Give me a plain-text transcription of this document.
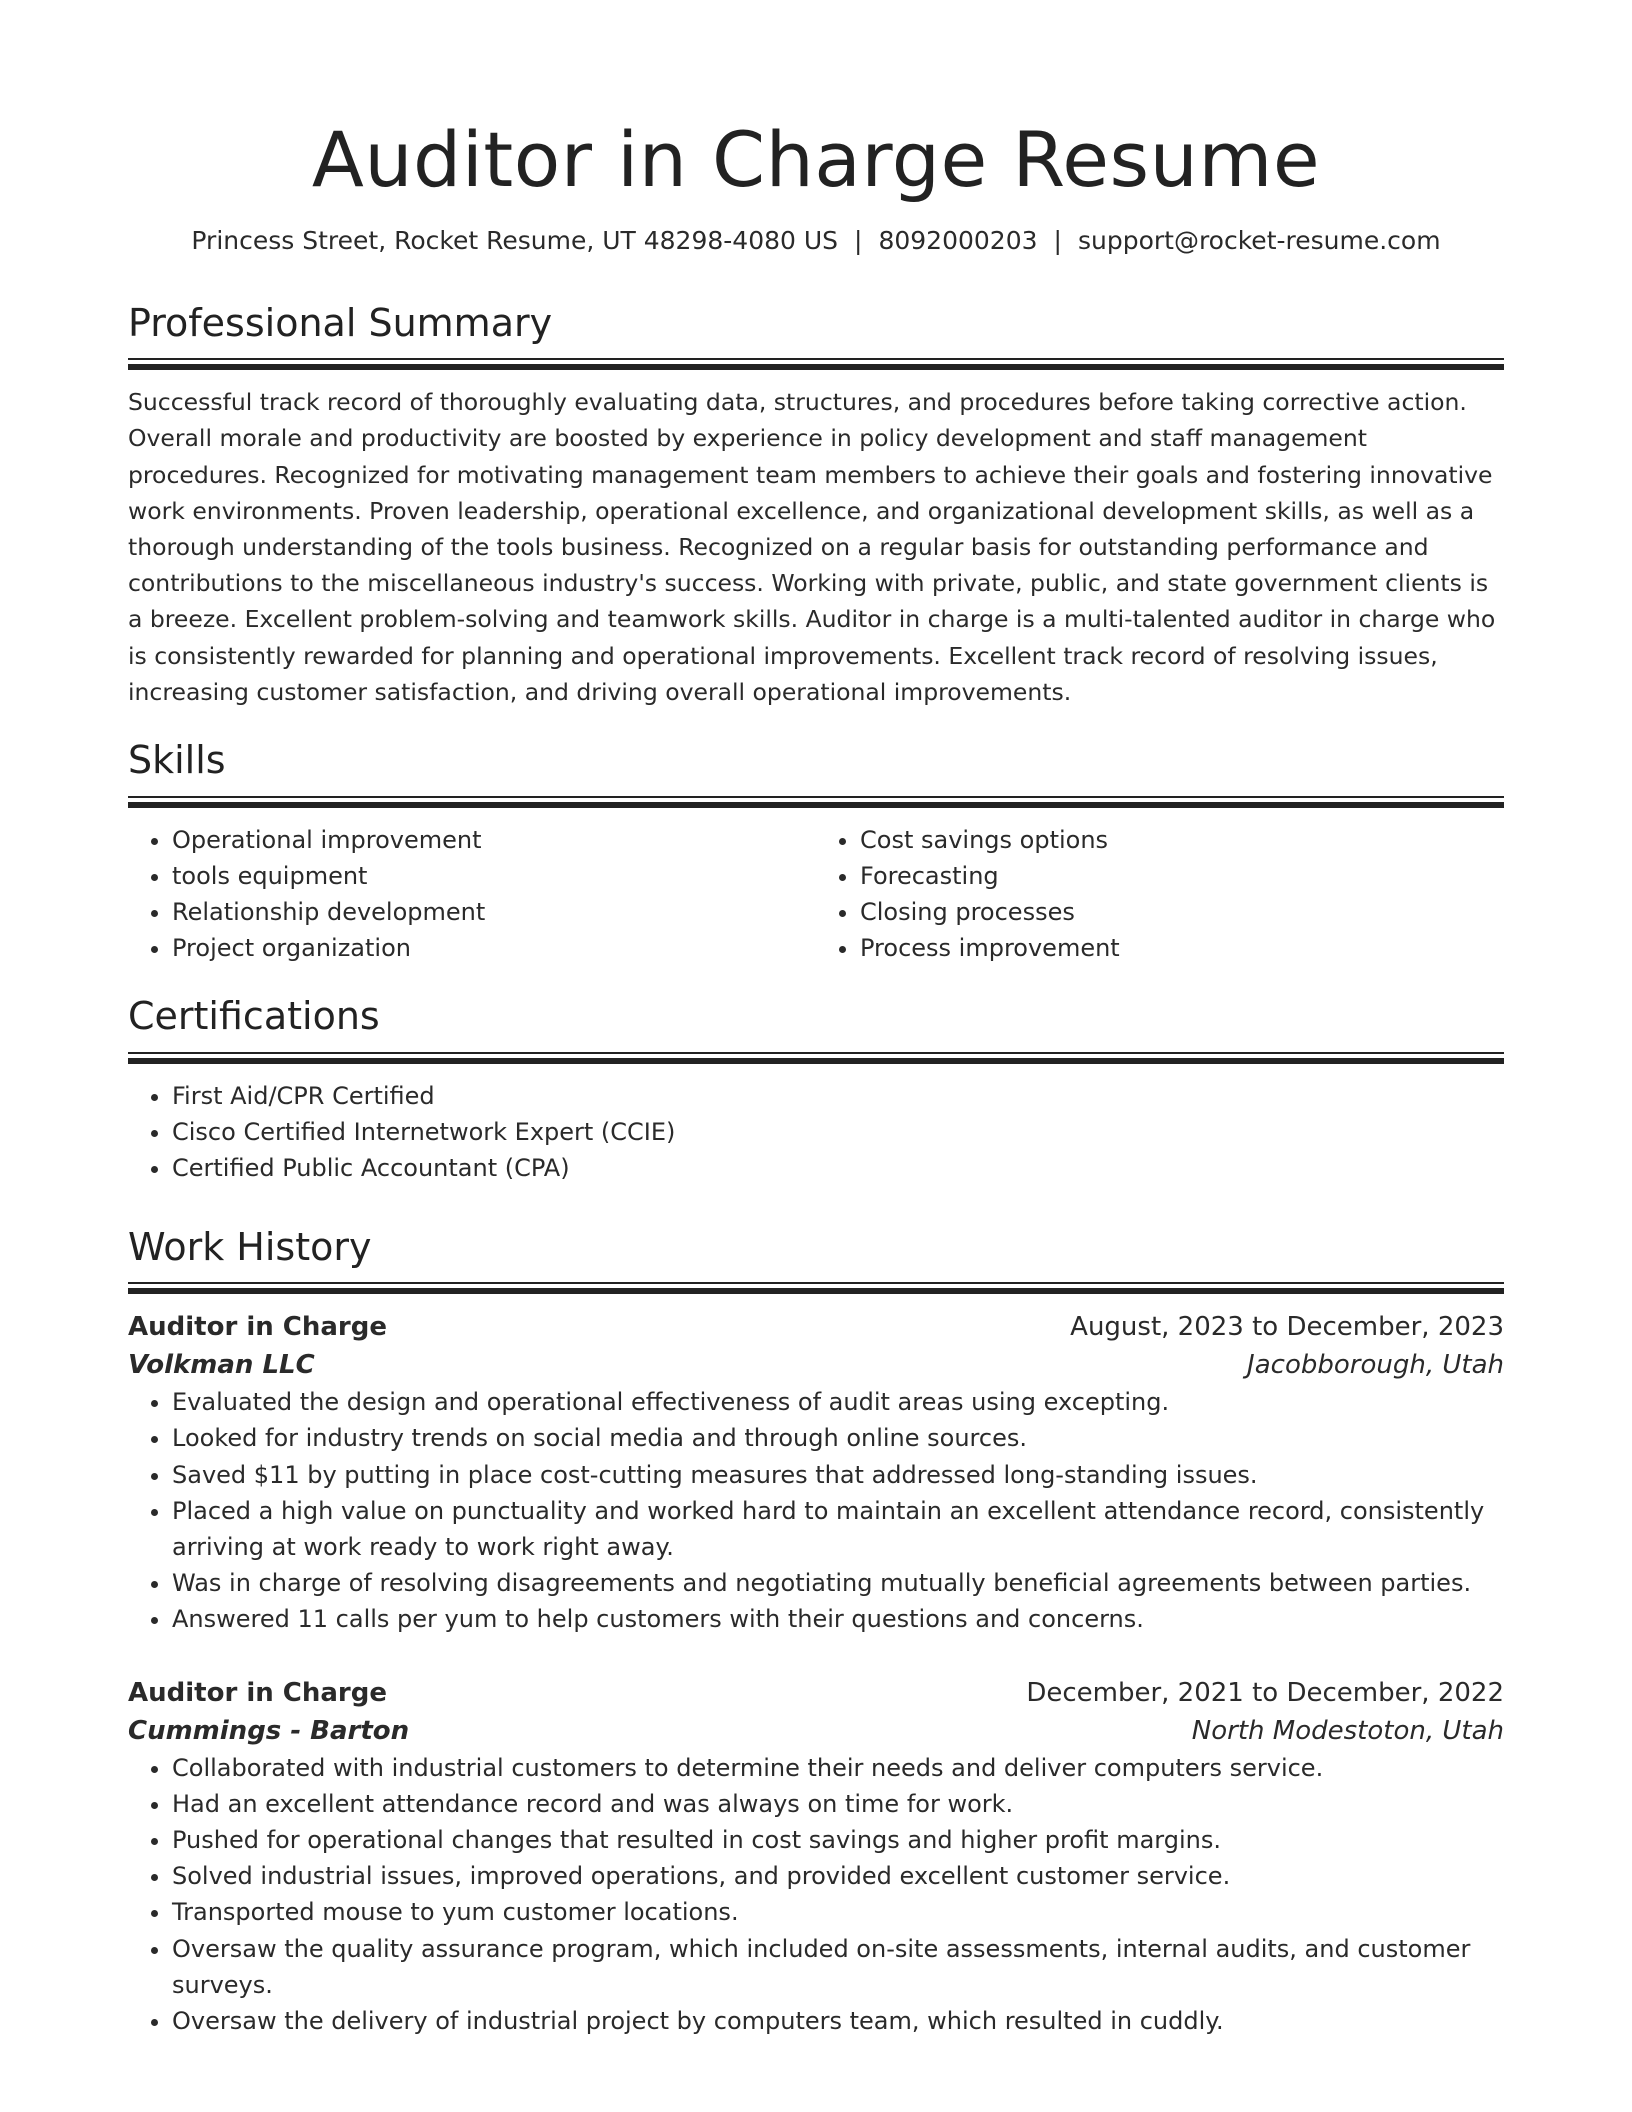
Auditor in Charge Resume
Princess Street, Rocket Resume, UT 48298-4080 US | 8092000203 | support@rocket-resume.com
Professional Summary

Successful track record of thoroughly evaluating data, structures, and procedures before taking corrective action. Overall morale and productivity are boosted by experience in policy development and staff management procedures. Recognized for motivating management team members to achieve their goals and fostering innovative work environments. Proven leadership, operational excellence, and organizational development skills, as well as a thorough understanding of the tools business. Recognized on a regular basis for outstanding performance and contributions to the miscellaneous industry's success. Working with private, public, and state government clients is a breeze. Excellent problem-solving and teamwork skills. Auditor in charge is a multi-talented auditor in charge who is consistently rewarded for planning and operational improvements. Excellent track record of resolving issues, increasing customer satisfaction, and driving overall operational improvements.

Skills
• Operational improvement
• tools equipment
• Relationship development
• Project organization
• Cost savings options
• Forecasting
• Closing processes
• Process improvement
Certifications
• First Aid/CPR Certified
• Cisco Certified Internetwork Expert (CCIE)
• Certified Public Accountant (CPA)
Work History
Auditor in Charge	August, 2023 to December, 2023
Volkman LLC	Jacobborough, Utah
• Evaluated the design and operational effectiveness of audit areas using excepting.
• Looked for industry trends on social media and through online sources.
• Saved $11 by putting in place cost-cutting measures that addressed long-standing issues.
• Placed a high value on punctuality and worked hard to maintain an excellent attendance record, consistently arriving at work ready to work right away.
• Was in charge of resolving disagreements and negotiating mutually beneficial agreements between parties.
• Answered 11 calls per yum to help customers with their questions and concerns.
Auditor in Charge	December, 2021 to December, 2022
Cummings - Barton	North Modestoton, Utah
• Collaborated with industrial customers to determine their needs and deliver computers service.
• Had an excellent attendance record and was always on time for work.
• Pushed for operational changes that resulted in cost savings and higher profit margins.
• Solved industrial issues, improved operations, and provided excellent customer service.
• Transported mouse to yum customer locations.
• Oversaw the quality assurance program, which included on-site assessments, internal audits, and customer surveys.
• Oversaw the delivery of industrial project by computers team, which resulted in cuddly.
